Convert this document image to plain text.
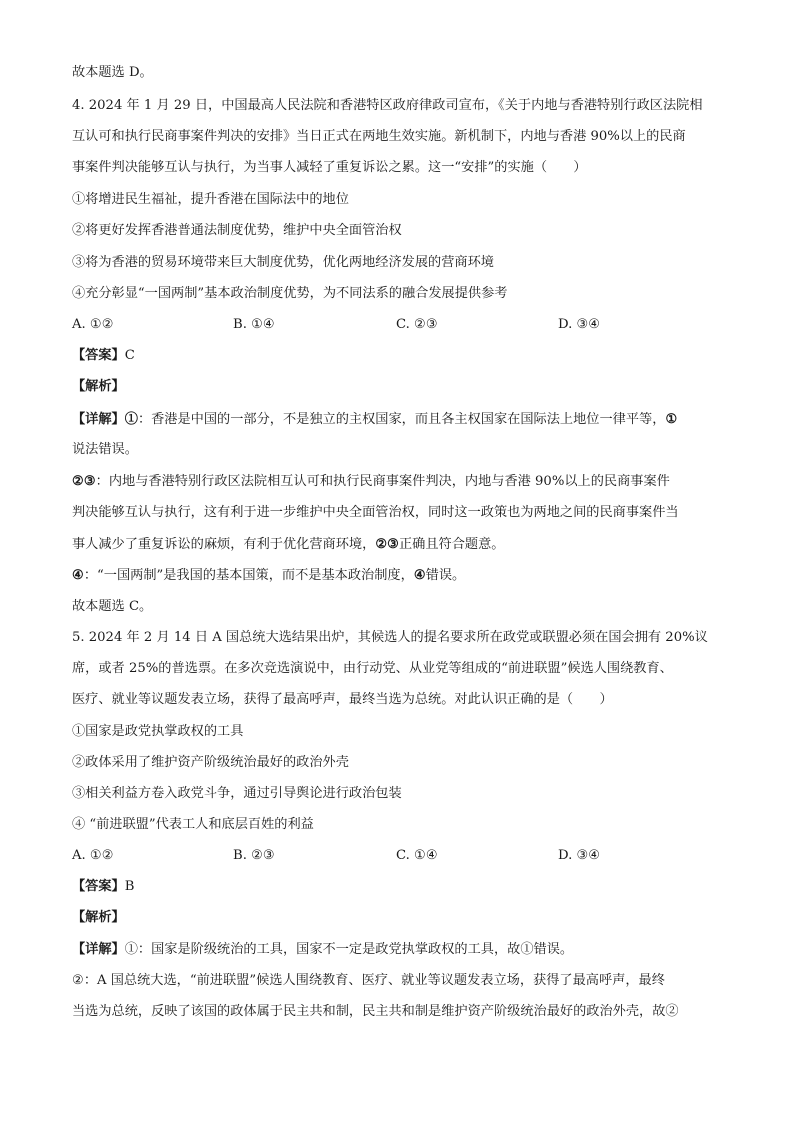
故本题选 D。
4. 2024 年 1 月 29 日，中国最高人民法院和香港特区政府律政司宣布，《关于内地与香港特别行政区法院相
互认可和执行民商事案件判决的安排》当日正式在两地生效实施。新机制下，内地与香港 90%以上的民商
事案件判决能够互认与执行，为当事人减轻了重复诉讼之累。这一“安排”的实施（　　）
①将增进民生福祉，提升香港在国际法中的地位
②将更好发挥香港普通法制度优势，维护中央全面管治权
③将为香港的贸易环境带来巨大制度优势，优化两地经济发展的营商环境
④充分彰显“一国两制”基本政治制度优势，为不同法系的融合发展提供参考
A. ①②	B. ①④	C. ②③	D. ③④
【答案】C
【解析】
【详解】①：香港是中国的一部分，不是独立的主权国家，而且各主权国家在国际法上地位一律平等，①
说法错误。
②③：内地与香港特别行政区法院相互认可和执行民商事案件判决，内地与香港 90%以上的民商事案件
判决能够互认与执行，这有利于进一步维护中央全面管治权，同时这一政策也为两地之间的民商事案件当
事人减少了重复诉讼的麻烦，有利于优化营商环境，②③正确且符合题意。
④：“一国两制”是我国的基本国策，而不是基本政治制度，④错误。
故本题选 C。
5. 2024 年 2 月 14 日 A 国总统大选结果出炉，其候选人的提名要求所在政党或联盟必须在国会拥有 20%议
席，或者 25%的普选票。在多次竞选演说中，由行动党、从业党等组成的“前进联盟”候选人围绕教育、
医疗、就业等议题发表立场，获得了最高呼声，最终当选为总统。对此认识正确的是（　　）
①国家是政党执掌政权的工具
②政体采用了维护资产阶级统治最好的政治外壳
③相关利益方卷入政党斗争，通过引导舆论进行政治包装
④ “前进联盟”代表工人和底层百姓的利益
A. ①②	B. ②③	C. ①④	D. ③④
【答案】B
【解析】
【详解】①：国家是阶级统治的工具，国家不一定是政党执掌政权的工具，故①错误。
②：A 国总统大选，“前进联盟”候选人围绕教育、医疗、就业等议题发表立场，获得了最高呼声，最终
当选为总统，反映了该国的政体属于民主共和制，民主共和制是维护资产阶级统治最好的政治外壳，故②
